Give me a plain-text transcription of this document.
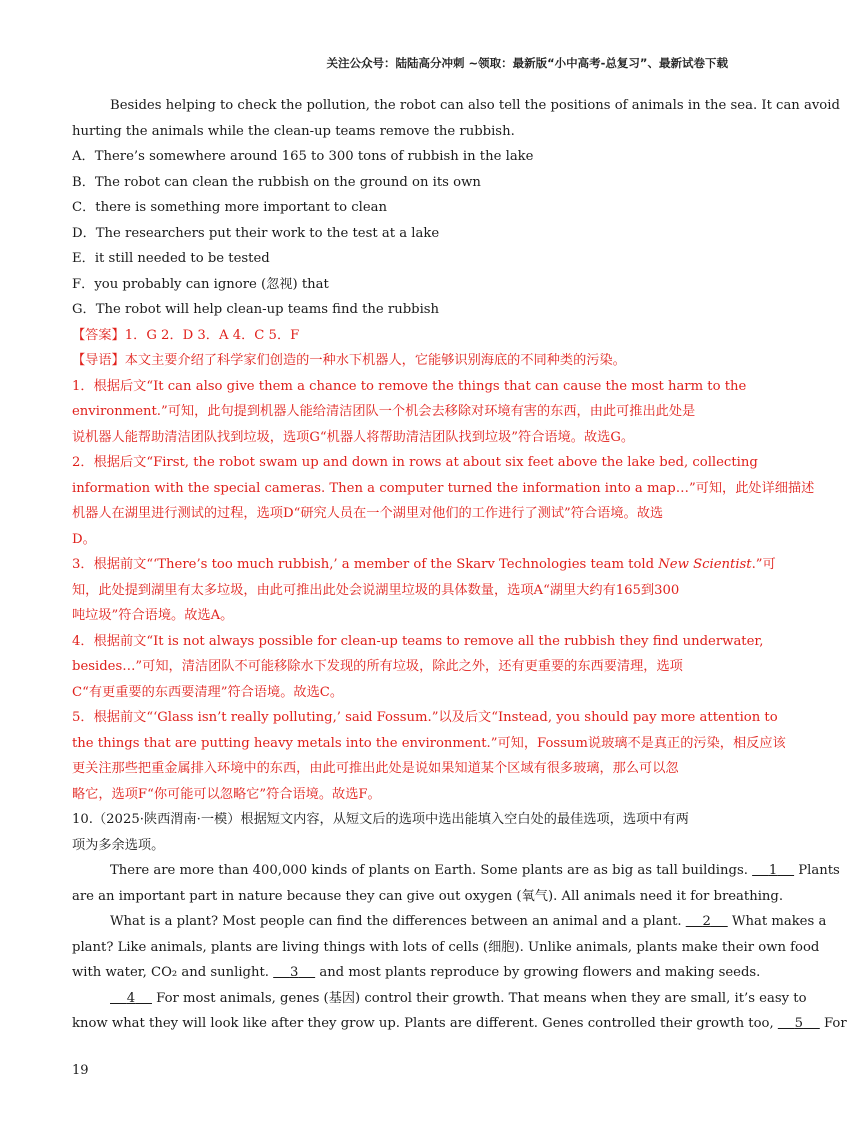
关注公众号：陆陆高分冲刺 ~领取：最新版“小中高考-总复习”、最新试卷下载
Besides helping to check the pollution, the robot can also tell the positions of animals in the sea. It can avoid
hurting the animals while the clean-up teams remove the rubbish.
A．There’s somewhere around 165 to 300 tons of rubbish in the lake
B．The robot can clean the rubbish on the ground on its own
C．there is something more important to clean
D．The researchers put their work to the test at a lake
E．it still needed to be tested
F．you probably can ignore (忽视) that
G．The robot will help clean-up teams find the rubbish
【答案】1．G 2．D 3．A 4．C 5．F
【导语】本文主要介绍了科学家们创造的一种水下机器人，它能够识别海底的不同种类的污染。
1．根据后文“It can also give them a chance to remove the things that can cause the most harm to the
environment.”可知，此句提到机器人能给清洁团队一个机会去移除对环境有害的东西，由此可推出此处是
说机器人能帮助清洁团队找到垃圾，选项G“机器人将帮助清洁团队找到垃圾”符合语境。故选G。
2．根据后文“First, the robot swam up and down in rows at about six feet above the lake bed, collecting
information with the special cameras. Then a computer turned the information into a map…”可知，此处详细描述
机器人在湖里进行测试的过程，选项D“研究人员在一个湖里对他们的工作进行了测试”符合语境。故选
D。
3．根据前文“‘There’s too much rubbish,’ a member of the Skarv Technologies team told New Scientist.”可
知，此处提到湖里有太多垃圾，由此可推出此处会说湖里垃圾的具体数量，选项A“湖里大约有165到300
吨垃圾”符合语境。故选A。
4．根据前文“It is not always possible for clean-up teams to remove all the rubbish they find underwater,
besides…”可知，清洁团队不可能移除水下发现的所有垃圾，除此之外，还有更重要的东西要清理，选项
C“有更重要的东西要清理”符合语境。故选C。
5．根据前文“‘Glass isn’t really polluting,’ said Fossum.”以及后文“Instead, you should pay more attention to
the things that are putting heavy metals into the environment.”可知，Fossum说玻璃不是真正的污染，相反应该
更关注那些把重金属排入环境中的东西，由此可推出此处是说如果知道某个区域有很多玻璃，那么可以忽
略它，选项F“你可能可以忽略它”符合语境。故选F。
10.（2025·陕西渭南·一模）根据短文内容，从短文后的选项中选出能填入空白处的最佳选项，选项中有两
项为多余选项。
There are more than 400,000 kinds of plants on Earth. Some plants are as big as tall buildings. 1 Plants
are an important part in nature because they can give out oxygen (氧气). All animals need it for breathing.
What is a plant? Most people can find the differences between an animal and a plant. 2 What makes a
plant? Like animals, plants are living things with lots of cells (细胞). Unlike animals, plants make their own food
with water, CO₂ and sunlight. 3 and most plants reproduce by growing flowers and making seeds.
4 For most animals, genes (基因) control their growth. That means when they are small, it’s easy to
know what they will look like after they grow up. Plants are different. Genes controlled their growth too, 5 For
19
